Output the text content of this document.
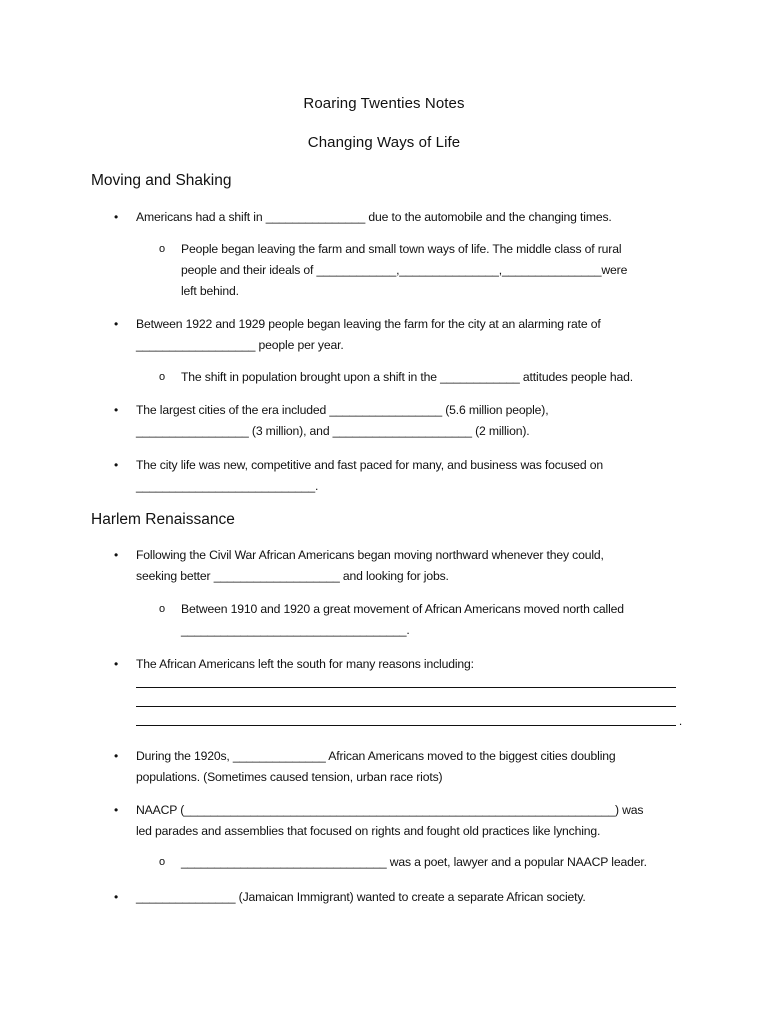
Roaring Twenties Notes
Changing Ways of Life
Moving and Shaking
• Americans had a shift in _______________ due to the automobile and the changing times.

o People began leaving the farm and small town ways of life. The middle class of rural

people and their ideals of ____________,_______________,_______________were

left behind.

• Between 1922 and 1929 people began leaving the farm for the city at an alarming rate of

__________________ people per year.

o The shift in population brought upon a shift in the ____________ attitudes people had.

• The largest cities of the era included _________________ (5.6 million people),

_________________ (3 million), and _____________________ (2 million).

• The city life was new, competitive and fast paced for many, and business was focused on

___________________________.

Harlem Renaissance
• Following the Civil War African Americans began moving northward whenever they could,

seeking better ___________________ and looking for jobs.

o Between 1910 and 1920 a great movement of African Americans moved north called

__________________________________.

• The African Americans left the south for many reasons including:

.
• During the 1920s, ______________ African Americans moved to the biggest cities doubling

populations. (Sometimes caused tension, urban race riots)

• NAACP (_________________________________________________________________) was

led parades and assemblies that focused on rights and fought old practices like lynching.

o _______________________________ was a poet, lawyer and a popular NAACP leader.

• _______________ (Jamaican Immigrant) wanted to create a separate African society.
